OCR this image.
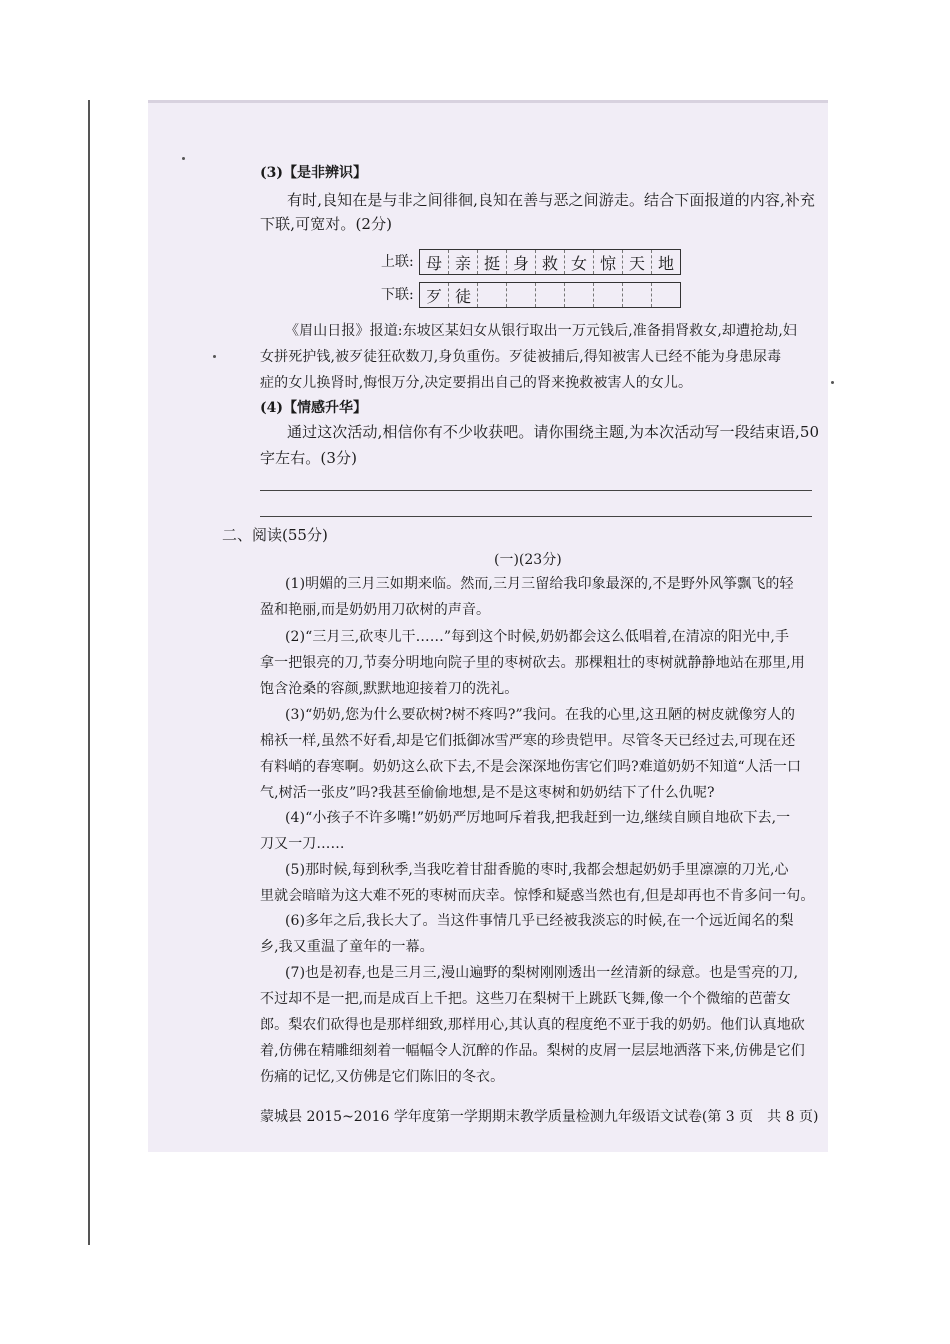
(3)【是非辨识】
有时,良知在是与非之间徘徊,良知在善与恶之间游走。结合下面报道的内容,补充
下联,可宽对。(2分)
上联: 母 亲 挺 身 救 女 惊 天 地
下联: 歹 徒
《眉山日报》报道:东坡区某妇女从银行取出一万元钱后,准备捐肾救女,却遭抢劫,妇
女拼死护钱,被歹徒狂砍数刀,身负重伤。歹徒被捕后,得知被害人已经不能为身患尿毒
症的女儿换肾时,悔恨万分,决定要捐出自己的肾来挽救被害人的女儿。
(4)【情感升华】
通过这次活动,相信你有不少收获吧。请你围绕主题,为本次活动写一段结束语,50
字左右。(3分)
二、阅读(55分)
(一)(23分)
(1)明媚的三月三如期来临。然而,三月三留给我印象最深的,不是野外风筝飘飞的轻
盈和艳丽,而是奶奶用刀砍树的声音。
(2)“三月三,砍枣儿干……”每到这个时候,奶奶都会这么低唱着,在清凉的阳光中,手
拿一把银亮的刀,节奏分明地向院子里的枣树砍去。那棵粗壮的枣树就静静地站在那里,用
饱含沧桑的容颜,默默地迎接着刀的洗礼。
(3)“奶奶,您为什么要砍树?树不疼吗?”我问。在我的心里,这丑陋的树皮就像穷人的
棉袄一样,虽然不好看,却是它们抵御冰雪严寒的珍贵铠甲。尽管冬天已经过去,可现在还
有料峭的春寒啊。奶奶这么砍下去,不是会深深地伤害它们吗?难道奶奶不知道“人活一口
气,树活一张皮”吗?我甚至偷偷地想,是不是这枣树和奶奶结下了什么仇呢?
(4)“小孩子不许多嘴!”奶奶严厉地呵斥着我,把我赶到一边,继续自顾自地砍下去,一
刀又一刀……
(5)那时候,每到秋季,当我吃着甘甜香脆的枣时,我都会想起奶奶手里凛凛的刀光,心
里就会暗暗为这大难不死的枣树而庆幸。惊悸和疑惑当然也有,但是却再也不肯多问一句。
(6)多年之后,我长大了。当这件事情几乎已经被我淡忘的时候,在一个远近闻名的梨
乡,我又重温了童年的一幕。
(7)也是初春,也是三月三,漫山遍野的梨树刚刚透出一丝清新的绿意。也是雪亮的刀,
不过却不是一把,而是成百上千把。这些刀在梨树干上跳跃飞舞,像一个个微缩的芭蕾女
郎。梨农们砍得也是那样细致,那样用心,其认真的程度绝不亚于我的奶奶。他们认真地砍
着,仿佛在精雕细刻着一幅幅令人沉醉的作品。梨树的皮屑一层层地洒落下来,仿佛是它们
伤痛的记忆,又仿佛是它们陈旧的冬衣。
蒙城县 2015~2016 学年度第一学期期末教学质量检测九年级语文试卷(第 3 页　共 8 页)
